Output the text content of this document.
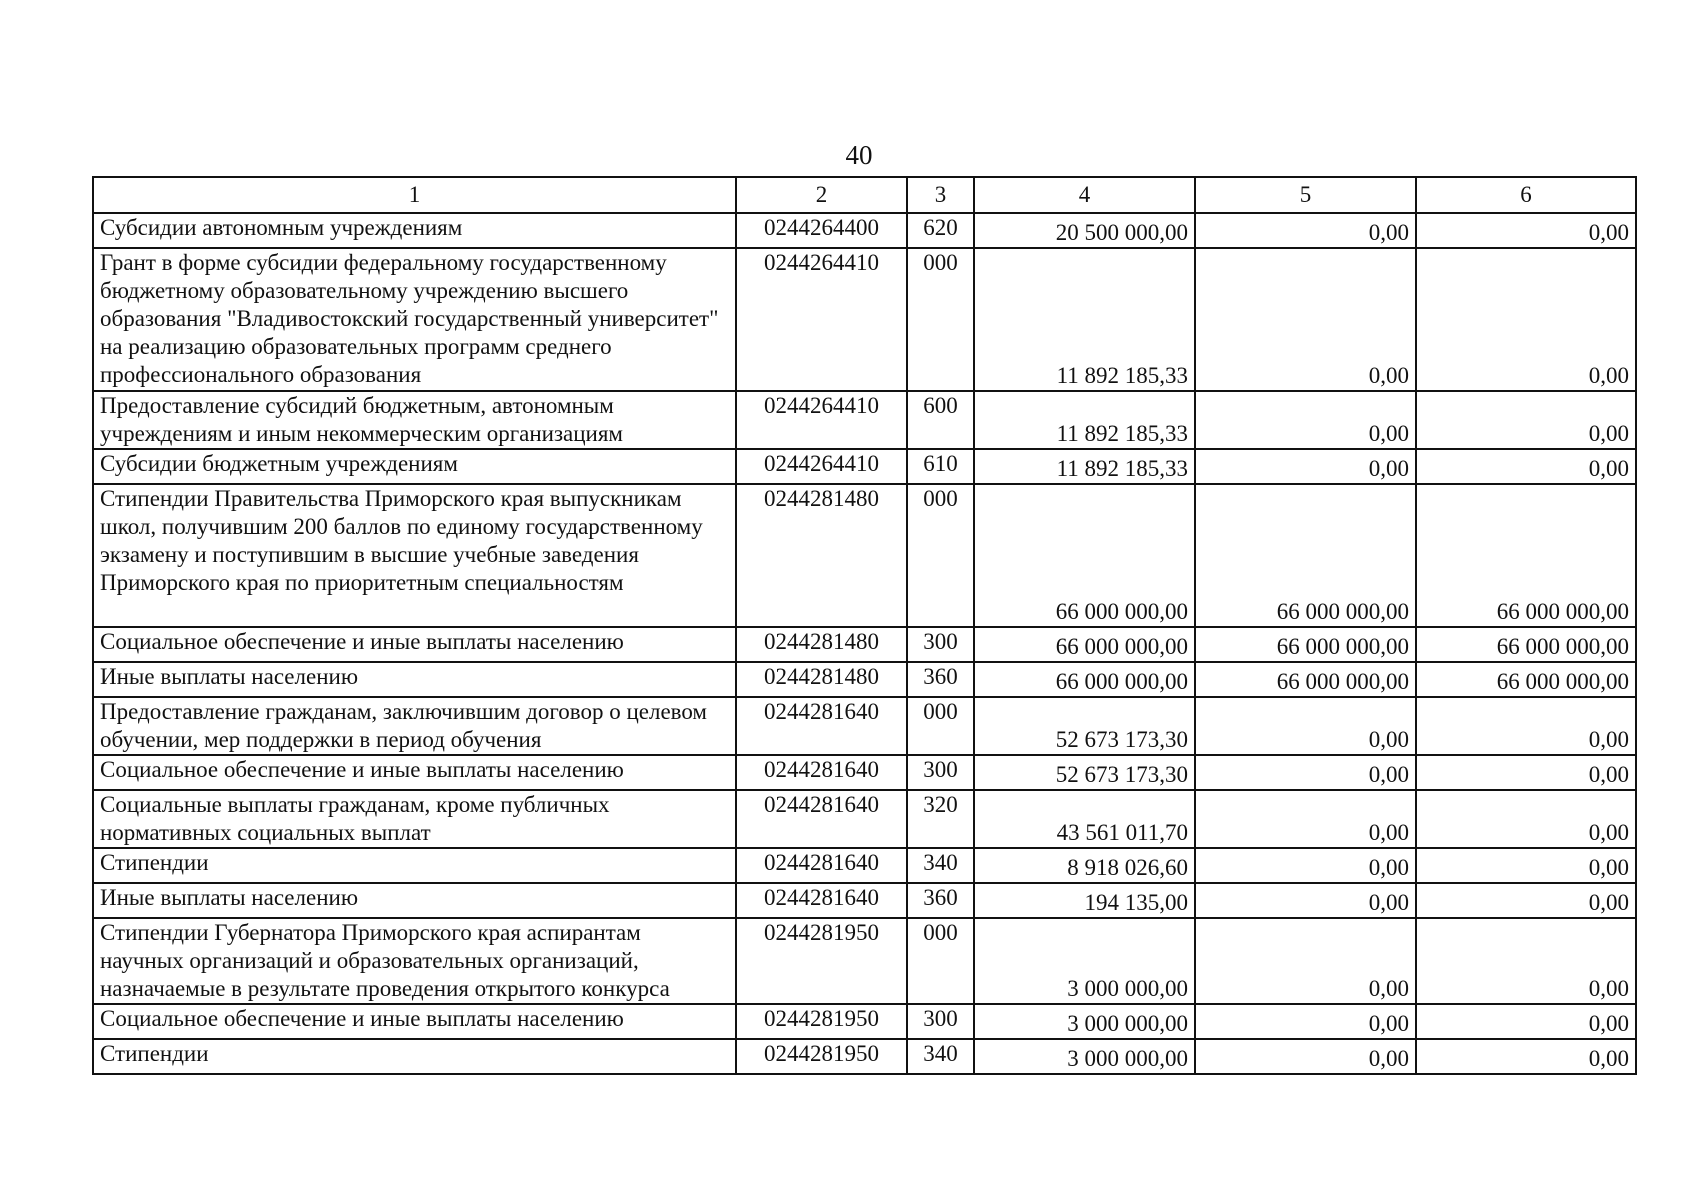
40
1	2	3	4	5	6
Субсидии автономным учреждениям	0244264400	620	20 500 000,00	0,00	0,00
Грант в форме субсидии федеральному государственному бюджетному образовательному учреждению высшего образования "Владивостокский государственный университет" на реализацию образовательных программ среднего профессионального образования	0244264410	000	11 892 185,33	0,00	0,00
Предоставление субсидий бюджетным, автономным учреждениям и иным некоммерческим организациям	0244264410	600	11 892 185,33	0,00	0,00
Субсидии бюджетным учреждениям	0244264410	610	11 892 185,33	0,00	0,00
Стипендии Правительства Приморского края выпускникам школ, получившим 200 баллов по единому государственному экзамену и поступившим в высшие учебные заведения Приморского края по приоритетным специальностям	0244281480	000	66 000 000,00	66 000 000,00	66 000 000,00
Социальное обеспечение и иные выплаты населению	0244281480	300	66 000 000,00	66 000 000,00	66 000 000,00
Иные выплаты населению	0244281480	360	66 000 000,00	66 000 000,00	66 000 000,00
Предоставление гражданам, заключившим договор о целевом обучении, мер поддержки в период обучения	0244281640	000	52 673 173,30	0,00	0,00
Социальное обеспечение и иные выплаты населению	0244281640	300	52 673 173,30	0,00	0,00
Социальные выплаты гражданам, кроме публичных нормативных социальных выплат	0244281640	320	43 561 011,70	0,00	0,00
Стипендии	0244281640	340	8 918 026,60	0,00	0,00
Иные выплаты населению	0244281640	360	194 135,00	0,00	0,00
Стипендии Губернатора Приморского края аспирантам научных организаций и образовательных организаций, назначаемые в результате проведения открытого конкурса	0244281950	000	3 000 000,00	0,00	0,00
Социальное обеспечение и иные выплаты населению	0244281950	300	3 000 000,00	0,00	0,00
Стипендии	0244281950	340	3 000 000,00	0,00	0,00
